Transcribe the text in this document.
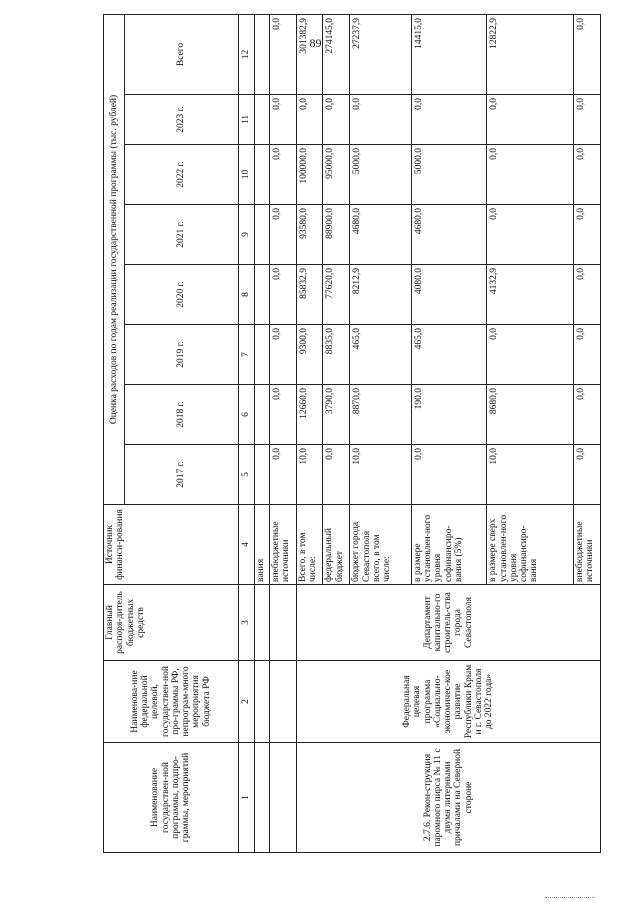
89
Наименование государствен-ной программы, подпро-граммы, мероприятий	Наименова-ние федеральной целевой, государствен-ной про-граммы РФ, непрограм-много мероприятия бюджета РФ	Главный распоря-дитель бюджетных средств	Источник финанси-рования	Оценка расходов по годам реализации государственной программы (тыс. рублей)							
				2017 г.	2018 г.	2019 г.	2020 г.	2021 г.	2022 г.	2023 г.	Всего
1	2	3	4	5	6	7	8	9	10	11	12
			вания								
			внебюджетные источники	0,0	0,0	0,0	0,0	0,0	0,0	0,0	0,0
2.7.6. Рекон-струкция паромного пирса № 11 с двумя литерными причалами на Северной стороне	Федеральная целевая программа «Социально-экономичес-кое развитие Республики Крым и г. Севастополя до 2022 года»	Департамент капитально-го строитель-ства города Севастополя	Всего, в том числе:	10,0	12660,0	9300,0	85832,9	93580,0	100000,0	0,0	301382,9
			федеральный бюджет	0,0	3790,0	8835,0	77620,0	88900,0	95000,0	0,0	274145,0
			бюджет города Севастополя всего, в том числе:	10,0	8870,0	465,0	8212,9	4680,0	5000,0	0,0	27237,9
			в размере установлен-ного уровня софинансиро-вания (5%)	0,0	190,0	465,0	4080,0	4680,0	5000,0	0,0	14415,0
			в размере сверх установлен-ного уровня софинансиро-вания	10,0	8680,0	0,0	4132,9	0,0	0,0	0,0	12822,9
			внебюджетные источники	0,0	0,0	0,0	0,0	0,0	0,0	0,0	0,0
